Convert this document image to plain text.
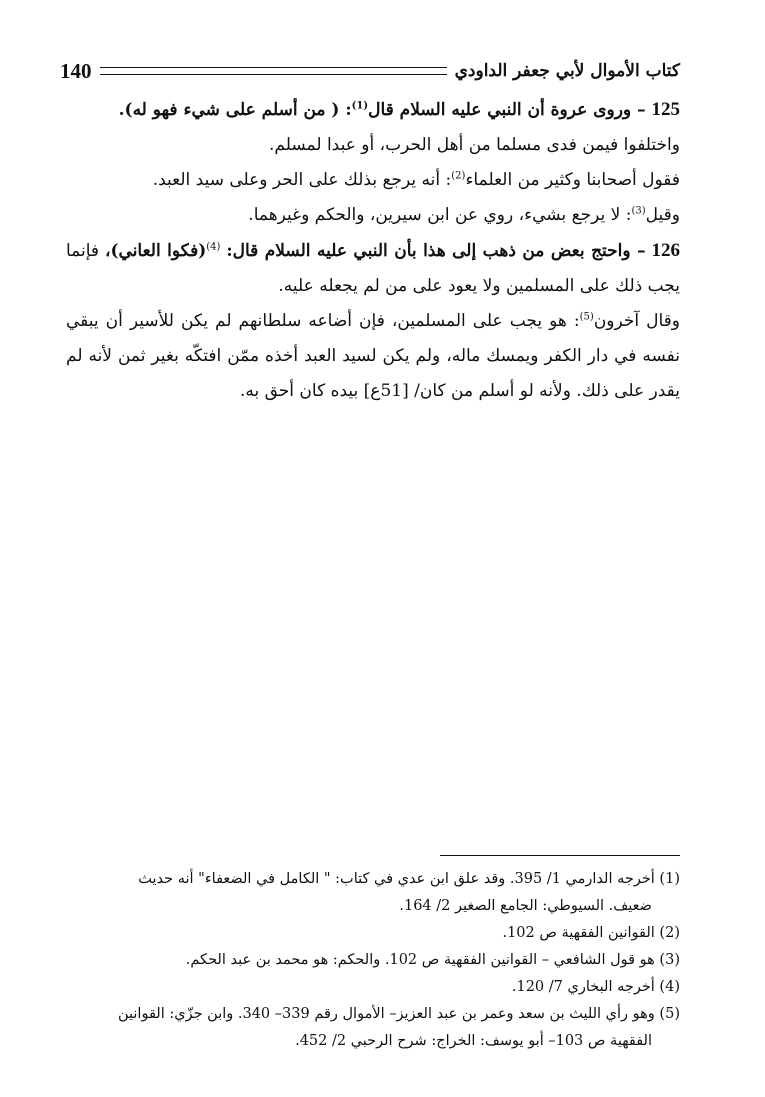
140	كتاب الأموال لأبي جعفر الداودي

125 – وروى عروة أن النبي عليه السلام قال$^{(1)}$: ( من أسلم على شيء فهو له).

واختلفوا فيمن فدى مسلما من أهل الحرب، أو عبدا لمسلم.

فقول أصحابنا وكثير من العلماء$^{(2)}$: أنه يرجع بذلك على الحر وعلى سيد العبد.

وقيل$^{(3)}$: لا يرجع بشيء، روي عن ابن سيرين، والحكم وغيرهما.

126 – واحتج بعض من ذهب إلى هذا بأن النبي عليه السلام قال: $^{(4)}$(فكوا العاني)، فإنما يجب ذلك على المسلمين ولا يعود على من لم يجعله عليه.

وقال آخرون$^{(5)}$: هو يجب على المسلمين، فإن أضاعه سلطانهم لم يكن للأسير أن يبقي نفسه في دار الكفر ويمسك ماله، ولم يكن لسيد العبد أخذه ممّن افتكّه بغير ثمن لأنه لم يقدر على ذلك. ولأنه لو أسلم من كان/ [51ع] بيده كان أحق به.

(1) أخرجه الدارمي 1/ 395. وقد علق ابن عدي في كتاب: " الكامل في الضعفاء" أنه حديث

ضعيف. السيوطي: الجامع الصغير 2/ 164.

(2) القوانين الفقهية ص 102.

(3) هو قول الشافعي – القوانين الفقهية ص 102. والحكم: هو محمد بن عبد الحكم.

(4) أخرجه البخاري 7/ 120.

(5) وهو رأي الليث بن سعد وعمر بن عبد العزيز– الأموال رقم 339– 340. وابن جزّي: القوانين

الفقهية ص 103– أبو يوسف: الخراج: شرح الرحبي 2/ 452.
